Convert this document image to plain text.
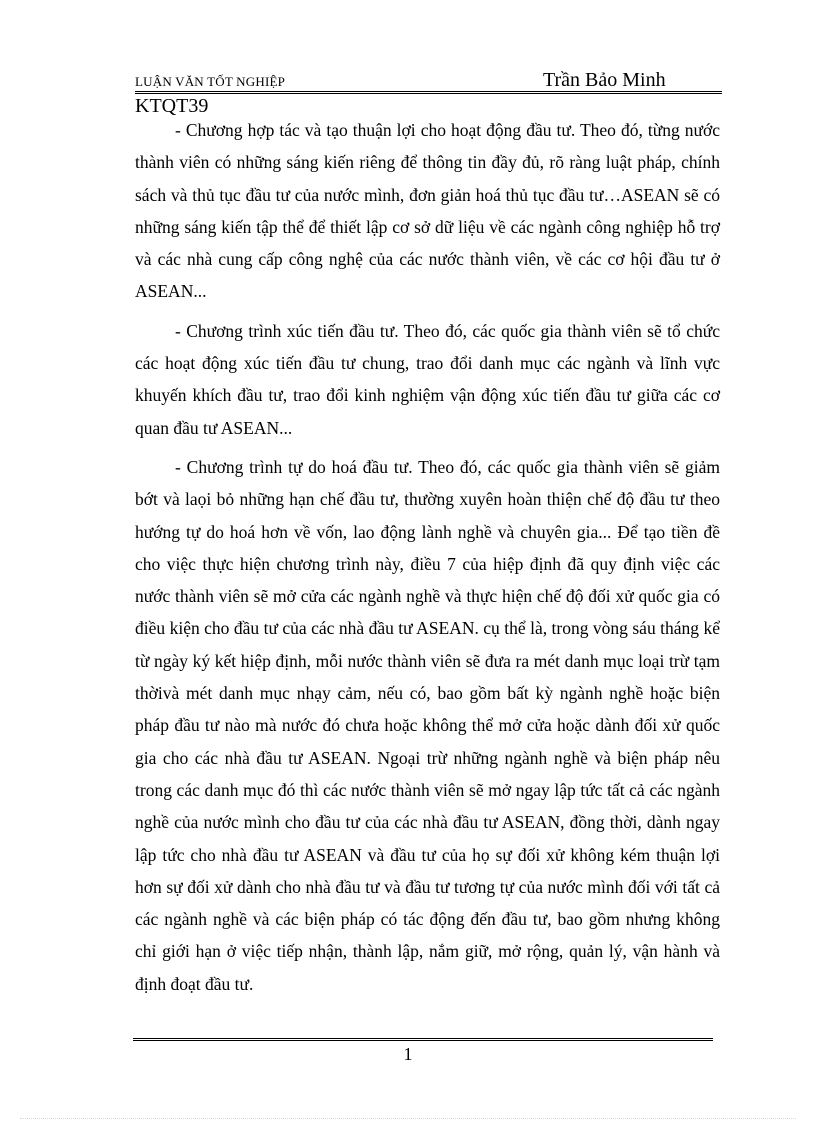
LUẬN VĂN TỐT NGHIỆP	Trần Bảo Minh
KTQT39

- Chương hợp tác và tạo thuận lợi cho hoạt động đầu tư. Theo đó, từng nước thành viên có những sáng kiến riêng để thông tin đầy đủ, rõ ràng luật pháp, chính sách và thủ tục đầu tư của nước mình, đơn giản hoá thủ tục đầu tư…ASEAN sẽ có những sáng kiến tập thể để thiết lập cơ sở dữ liệu về các ngành công nghiệp hỗ trợ và các nhà cung cấp công nghệ của các nước thành viên, về các cơ hội đầu tư ở ASEAN...

- Chương trình xúc tiến đầu tư. Theo đó, các quốc gia thành viên sẽ tổ chức các hoạt động xúc tiến đầu tư chung, trao đổi danh mục các ngành và lĩnh vực khuyến khích đầu tư, trao đổi kinh nghiệm vận động xúc tiến đầu tư giữa các cơ quan đầu tư ASEAN...

- Chương trình tự do hoá đầu tư. Theo đó, các quốc gia thành viên sẽ giảm bớt và laọi bỏ những hạn chế đầu tư, thường xuyên hoàn thiện chế độ đầu tư theo hướng tự do hoá hơn về vốn, lao động lành nghề và chuyên gia... Để tạo tiền đề cho việc thực hiện chương trình này, điều 7 của hiệp định đã quy định việc các nước thành viên sẽ mở cửa các ngành nghề và thực hiện chế độ đối xử quốc gia có điều kiện cho đầu tư của các nhà đầu tư ASEAN. cụ thể là, trong vòng sáu tháng kể từ ngày ký kết hiệp định, mỗi nước thành viên sẽ đưa ra mét danh mục loại trừ tạm thờivà mét danh mục nhạy cảm, nếu có, bao gồm bất kỳ ngành nghề hoặc biện pháp đầu tư nào mà nước đó chưa hoặc không thể mở cửa hoặc dành đối xử quốc gia cho các nhà đầu tư ASEAN. Ngoại trừ những ngành nghề và biện pháp nêu trong các danh mục đó thì các nước thành viên sẽ mở ngay lập tức tất cả các ngành nghề của nước mình cho đầu tư của các nhà đầu tư ASEAN, đồng thời, dành ngay lập tức cho nhà đầu tư ASEAN và đầu tư của họ sự đối xử không kém thuận lợi hơn sự đối xử dành cho nhà đầu tư và đầu tư tương tự của nước mình đối với tất cả các ngành nghề và các biện pháp có tác động đến đầu tư, bao gồm nhưng không chỉ giới hạn ở việc tiếp nhận, thành lập, nắm giữ, mở rộng, quản lý, vận hành và định đoạt đầu tư.

1
